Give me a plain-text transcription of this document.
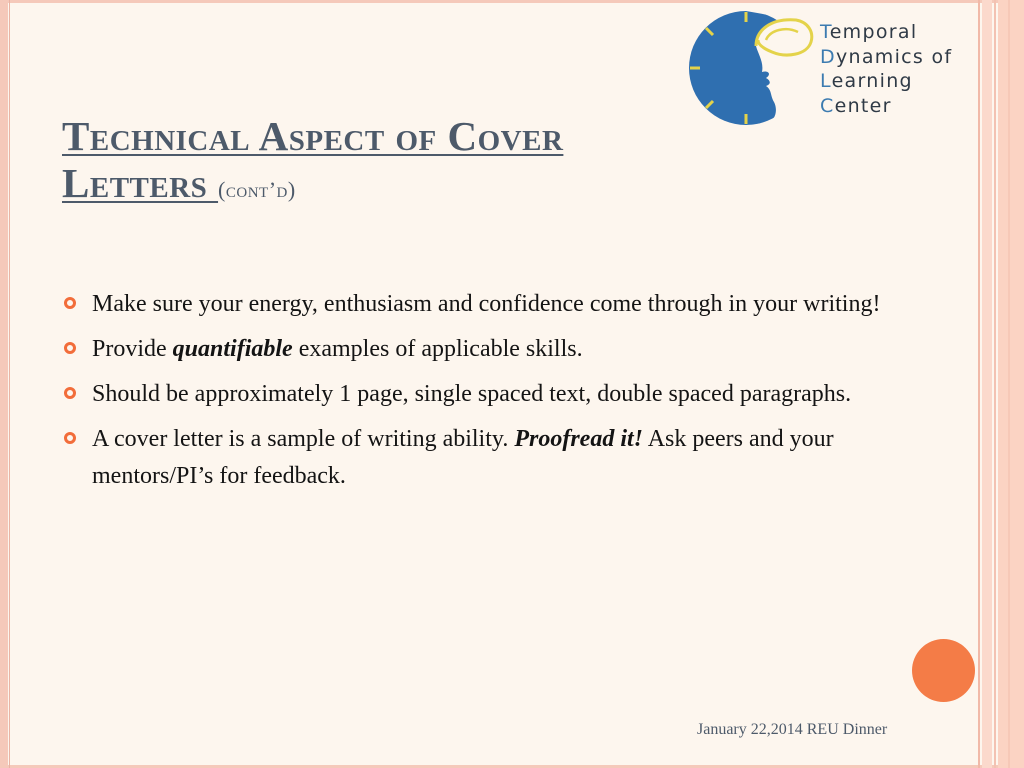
Temporal
Dynamics of
Learning
Center
Technical Aspect of Cover
Letters (cont’d)
Make sure your energy, enthusiasm and confidence come through in your writing!
Provide quantifiable examples of applicable skills.
Should be approximately 1 page, single spaced text, double spaced paragraphs.
A cover letter is a sample of writing ability. Proofread it! Ask peers and your mentors/PI’s for feedback.
January 22,2014 REU Dinner
